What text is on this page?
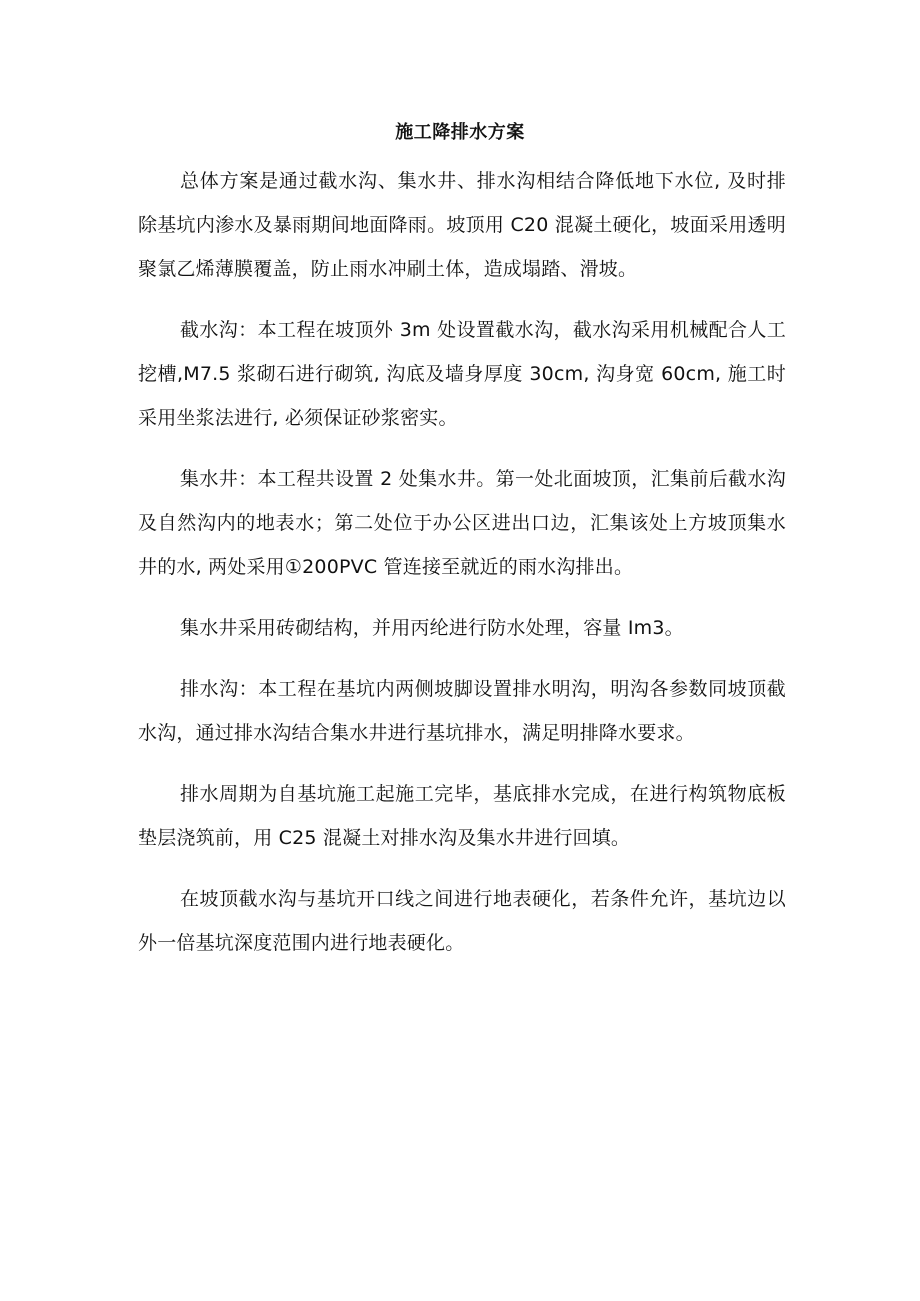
施工降排水方案

总体方案是通过截水沟、集水井、排水沟相结合降低地下水位, 及时排除基坑内渗水及暴雨期间地面降雨。坡顶用 C20 混凝土硬化，坡面采用透明聚氯乙烯薄膜覆盖，防止雨水冲刷土体，造成塌踏、滑坡。

截水沟：本工程在坡顶外 3m 处设置截水沟，截水沟采用机械配合人工挖槽,M7.5 浆砌石进行砌筑, 沟底及墙身厚度 30cm, 沟身宽 60cm, 施工时采用坐浆法进行, 必须保证砂浆密实。

集水井：本工程共设置 2 处集水井。第一处北面坡顶，汇集前后截水沟及自然沟内的地表水；第二处位于办公区进出口边，汇集该处上方坡顶集水井的水, 两处采用①200PVC 管连接至就近的雨水沟排出。

集水井采用砖砌结构，并用丙纶进行防水处理，容量 Im3。

排水沟：本工程在基坑内两侧坡脚设置排水明沟，明沟各参数同坡顶截水沟，通过排水沟结合集水井进行基坑排水，满足明排降水要求。

排水周期为自基坑施工起施工完毕，基底排水完成，在进行构筑物底板垫层浇筑前，用 C25 混凝土对排水沟及集水井进行回填。

在坡顶截水沟与基坑开口线之间进行地表硬化，若条件允许，基坑边以外一倍基坑深度范围内进行地表硬化。
